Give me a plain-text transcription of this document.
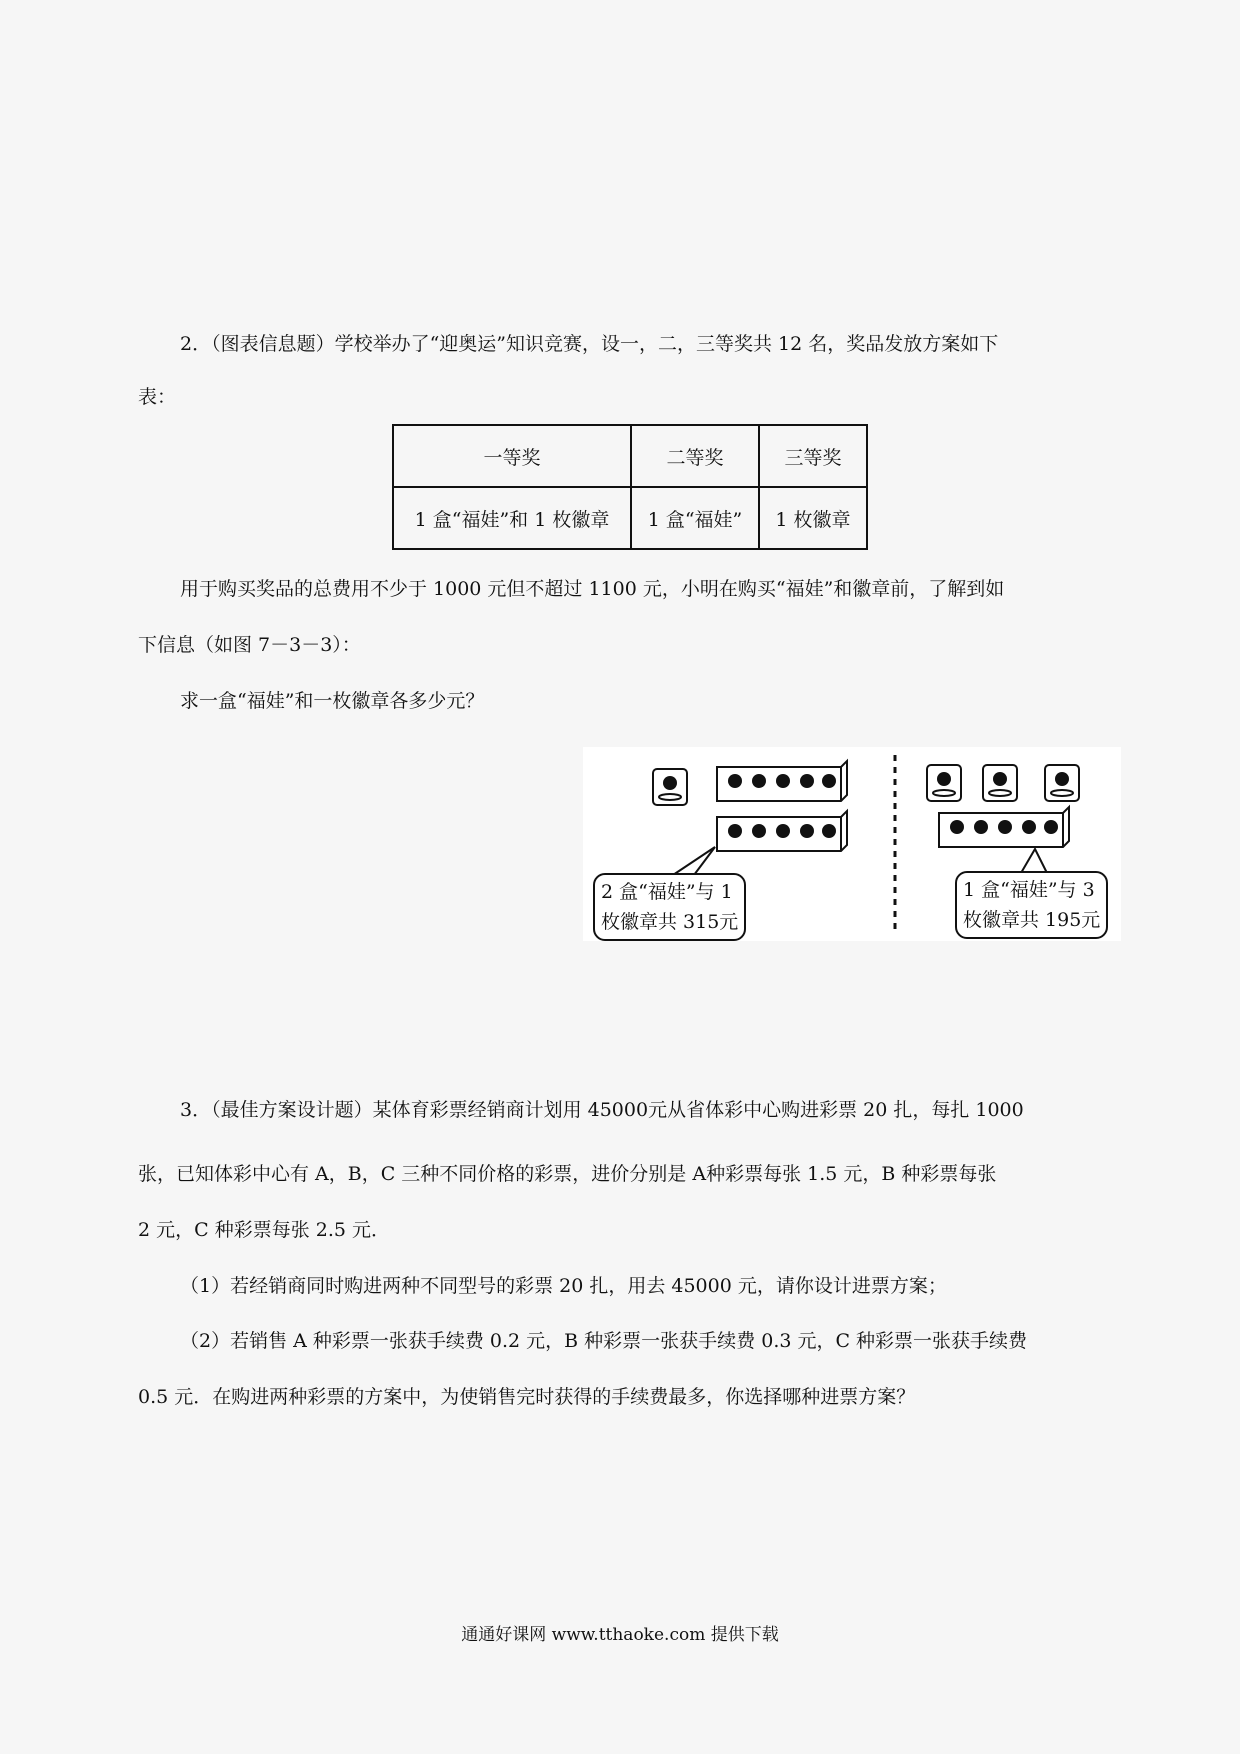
2．（图表信息题）学校举办了“迎奥运”知识竞赛，设一，二，三等奖共 12 名，奖品发放方案如下
表：
一等奖	二等奖	三等奖
1 盒“福娃”和 1 枚徽章	1 盒“福娃”	1 枚徽章
用于购买奖品的总费用不少于 1000 元但不超过 1100 元，小明在购买“福娃”和徽章前，了解到如
下信息（如图 7－3－3）：
求一盒“福娃”和一枚徽章各多少元？
2 盒“福娃”与 1
枚徽章共 315元
1 盒“福娃”与 3
枚徽章共 195元
3．（最佳方案设计题）某体育彩票经销商计划用 45000元从省体彩中心购进彩票 20 扎，每扎 1000
张，已知体彩中心有 A，B，C 三种不同价格的彩票，进价分别是 A种彩票每张 1.5 元，B 种彩票每张
2 元，C 种彩票每张 2.5 元．
（1）若经销商同时购进两种不同型号的彩票 20 扎，用去 45000 元，请你设计进票方案；
（2）若销售 A 种彩票一张获手续费 0.2 元，B 种彩票一张获手续费 0.3 元，C 种彩票一张获手续费
0.5 元．在购进两种彩票的方案中，为使销售完时获得的手续费最多，你选择哪种进票方案？
通通好课网 www.tthaoke.com 提供下载
